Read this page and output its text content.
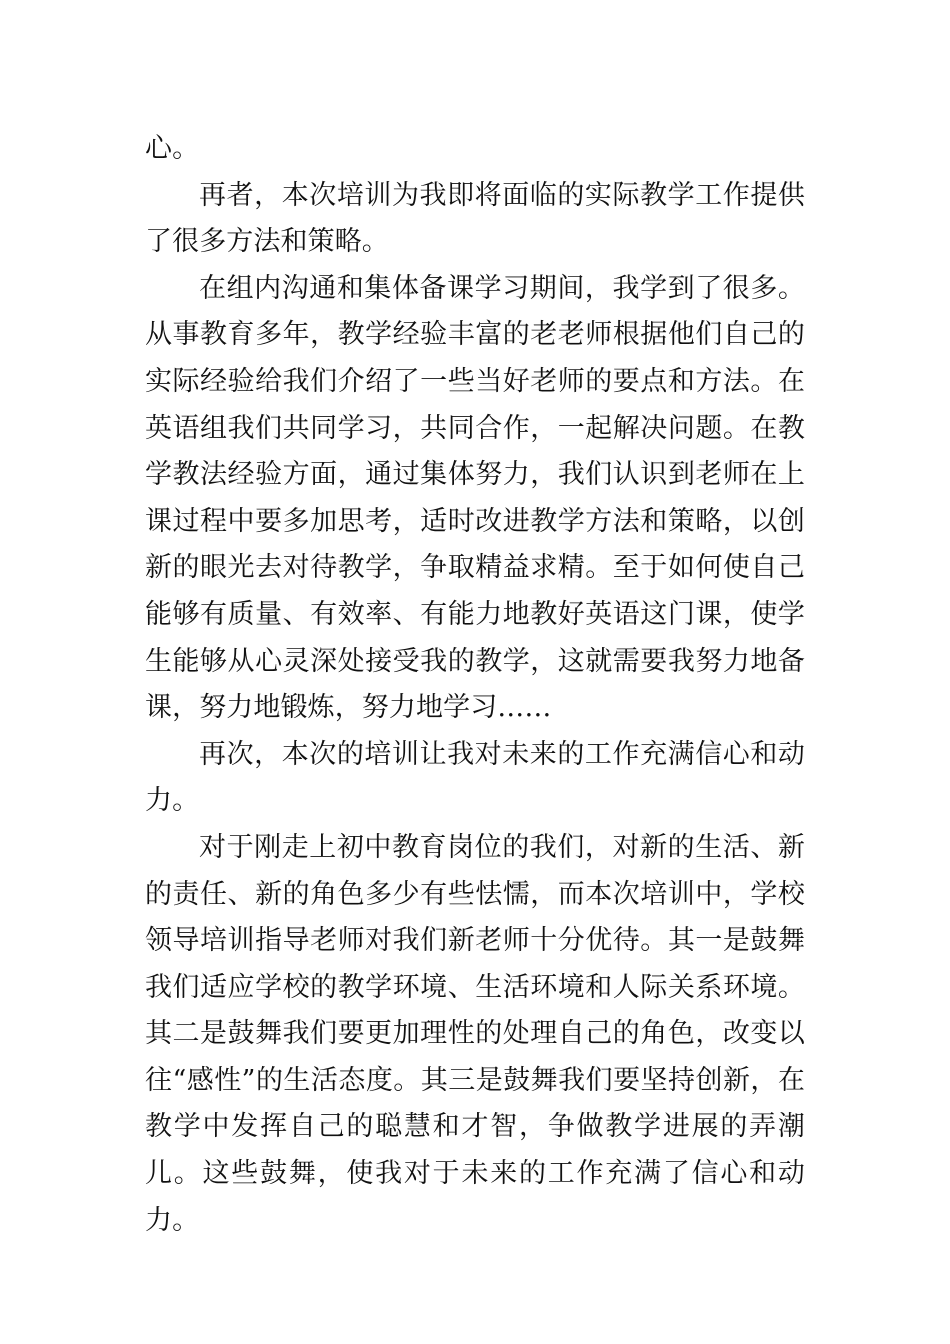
心。

再者，本次培训为我即将面临的实际教学工作提供了很多方法和策略。

在组内沟通和集体备课学习期间，我学到了很多。从事教育多年，教学经验丰富的老老师根据他们自己的实际经验给我们介绍了一些当好老师的要点和方法。在英语组我们共同学习，共同合作，一起解决问题。在教学教法经验方面，通过集体努力，我们认识到老师在上课过程中要多加思考，适时改进教学方法和策略，以创新的眼光去对待教学，争取精益求精。至于如何使自己能够有质量、有效率、有能力地教好英语这门课，使学生能够从心灵深处接受我的教学，这就需要我努力地备课，努力地锻炼，努力地学习……

再次，本次的培训让我对未来的工作充满信心和动力。

对于刚走上初中教育岗位的我们，对新的生活、新的责任、新的角色多少有些怯懦，而本次培训中，学校领导培训指导老师对我们新老师十分优待。其一是鼓舞我们适应学校的教学环境、生活环境和人际关系环境。其二是鼓舞我们要更加理性的处理自己的角色，改变以往“感性”的生活态度。其三是鼓舞我们要坚持创新，在教学中发挥自己的聪慧和才智，争做教学进展的弄潮儿。这些鼓舞，使我对于未来的工作充满了信心和动力。
